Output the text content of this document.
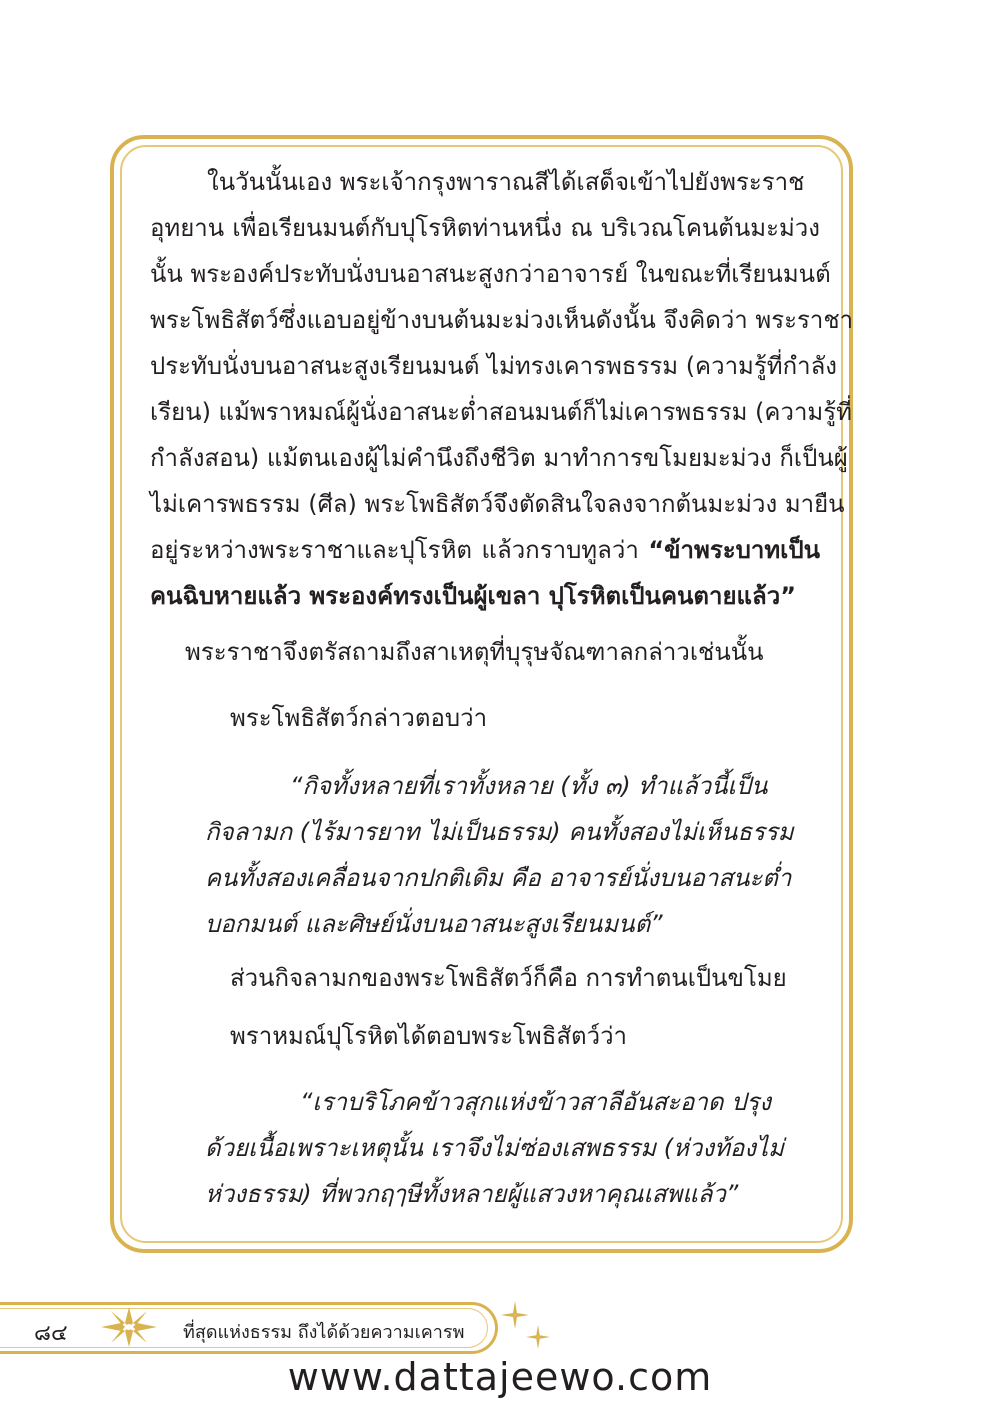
ในวันนั้นเอง พระเจ้ากรุงพาราณสีได้เสด็จเข้าไปยังพระราช
อุทยาน เพื่อเรียนมนต์กับปุโรหิตท่านหนึ่ง ณ บริเวณโคนต้นมะม่วง
นั้น พระองค์ประทับนั่งบนอาสนะสูงกว่าอาจารย์ ในขณะที่เรียนมนต์
พระโพธิสัตว์ซึ่งแอบอยู่ข้างบนต้นมะม่วงเห็นดังนั้น จึงคิดว่า พระราชา
ประทับนั่งบนอาสนะสูงเรียนมนต์ ไม่ทรงเคารพธรรม (ความรู้ที่กำลัง
เรียน) แม้พราหมณ์ผู้นั่งอาสนะต่ำสอนมนต์ก็ไม่เคารพธรรม (ความรู้ที่
กำลังสอน) แม้ตนเองผู้ไม่คำนึงถึงชีวิต มาทำการขโมยมะม่วง ก็เป็นผู้
ไม่เคารพธรรม (ศีล) พระโพธิสัตว์จึงตัดสินใจลงจากต้นมะม่วง มายืน
อยู่ระหว่างพระราชาและปุโรหิต แล้วกราบทูลว่า “ข้าพระบาทเป็น
คนฉิบหายแล้ว พระองค์ทรงเป็นผู้เขลา ปุโรหิตเป็นคนตายแล้ว”
พระราชาจึงตรัสถามถึงสาเหตุที่บุรุษจัณฑาลกล่าวเช่นนั้น
พระโพธิสัตว์กล่าวตอบว่า
“กิจทั้งหลายที่เราทั้งหลาย (ทั้ง ๓) ทำแล้วนี้เป็น
กิจลามก (ไร้มารยาท ไม่เป็นธรรม) คนทั้งสองไม่เห็นธรรม
คนทั้งสองเคลื่อนจากปกติเดิม คือ อาจารย์นั่งบนอาสนะต่ำ
บอกมนต์ และศิษย์นั่งบนอาสนะสูงเรียนมนต์”
ส่วนกิจลามกของพระโพธิสัตว์ก็คือ การทำตนเป็นขโมย
พราหมณ์ปุโรหิตได้ตอบพระโพธิสัตว์ว่า
“เราบริโภคข้าวสุกแห่งข้าวสาลีอันสะอาด ปรุง
ด้วยเนื้อเพราะเหตุนั้น เราจึงไม่ซ่องเสพธรรม (ห่วงท้องไม่
ห่วงธรรม) ที่พวกฤๅษีทั้งหลายผู้แสวงหาคุณเสพแล้ว”
๘๔	ที่สุดแห่งธรรม ถึงได้ด้วยความเคารพ
www.dattajeewo.com
